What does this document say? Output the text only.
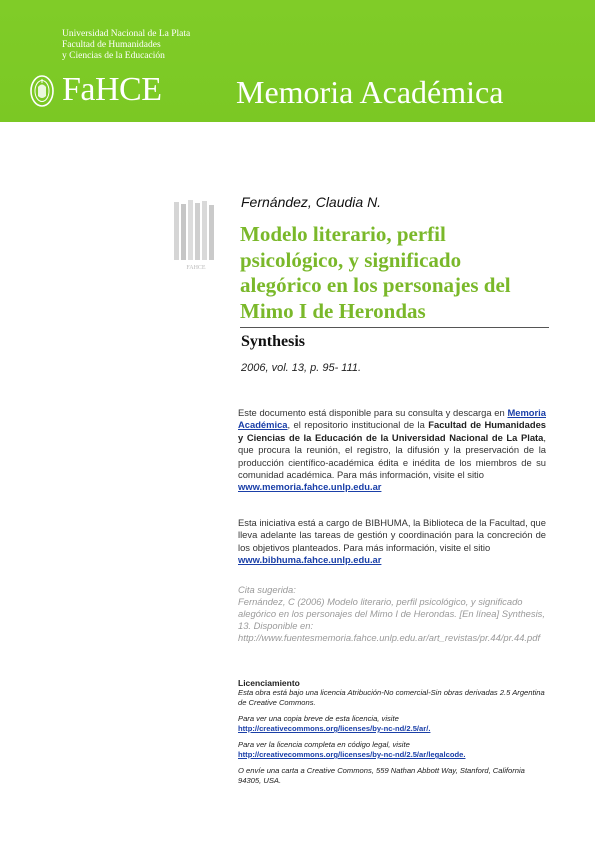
Universidad Nacional de La Plata
Facultad de Humanidades
y Ciencias de la Educación
FaHCE Memoria Académica
FAHCE
Fernández, Claudia N.
Modelo literario, perfil psicológico, y significado alegórico en los personajes del Mimo I de Herondas
Synthesis
2006, vol. 13, p. 95- 111.

Este documento está disponible para su consulta y descarga en Memoria Académica, el repositorio institucional de la Facultad de Humanidades y Ciencias de la Educación de la Universidad Nacional de La Plata, que procura la reunión, el registro, la difusión y la preservación de la producción científico-académica édita e inédita de los miembros de su comunidad académica. Para más información, visite el sitio
www.memoria.fahce.unlp.edu.ar

Esta iniciativa está a cargo de BIBHUMA, la Biblioteca de la Facultad, que lleva adelante las tareas de gestión y coordinación para la concreción de los objetivos planteados. Para más información, visite el sitio
www.bibhuma.fahce.unlp.edu.ar

Cita sugerida:
Fernández, C (2006) Modelo literario, perfil psicológico, y significado alegórico en los personajes del Mimo I de Herondas. [En línea] Synthesis, 13. Disponible en: http://www.fuentesmemoria.fahce.unlp.edu.ar/art_revistas/pr.44/pr.44.pdf

Licenciamiento
Esta obra está bajo una licencia Atribución-No comercial-Sin obras derivadas 2.5 Argentina de Creative Commons.
Para ver una copia breve de esta licencia, visite
http://creativecommons.org/licenses/by-nc-nd/2.5/ar/.
Para ver la licencia completa en código legal, visite
http://creativecommons.org/licenses/by-nc-nd/2.5/ar/legalcode.
O envíe una carta a Creative Commons, 559 Nathan Abbott Way, Stanford, California 94305, USA.
